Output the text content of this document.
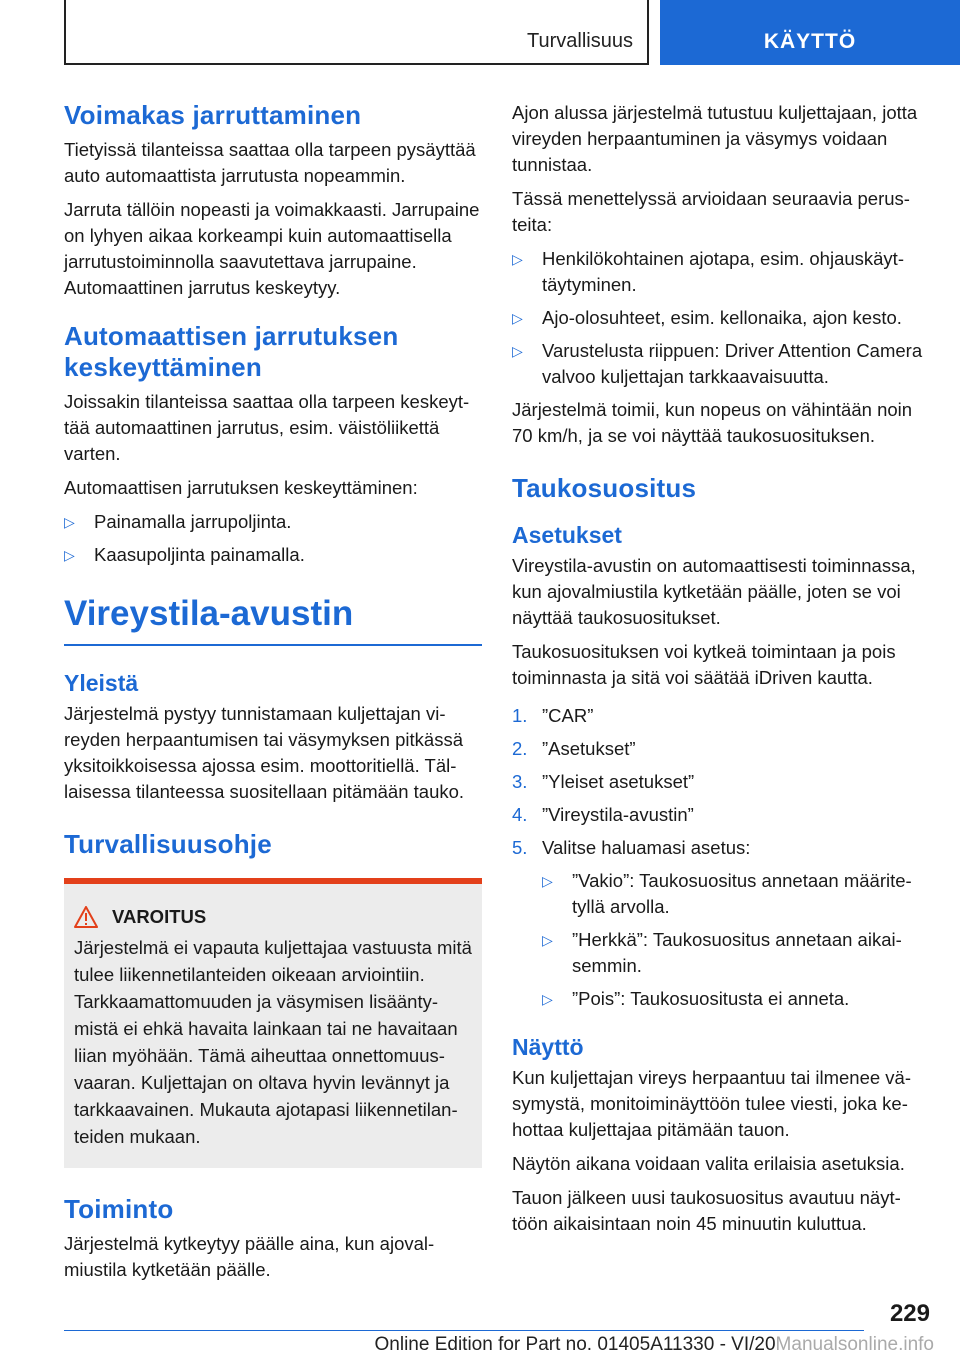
Turvallisuus	KÄYTTÖ
Voimakas jarruttaminen

Tietyissä tilanteissa saattaa olla tarpeen pysäyttää auto automaattista jarrutusta nopeammin.

Jarruta tällöin nopeasti ja voimakkaasti. Jarrupaine on lyhyen aikaa korkeampi kuin automaattisella jarrutustoiminnolla saavutettava jarrupaine. Automaattinen jarrutus keskeytyy.

Automaattisen jarrutuksen keskeyttäminen

Joissakin tilanteissa saattaa olla tarpeen keskeyttää automaattinen jarrutus, esim. väistöliikettä varten.

Automaattisen jarrutuksen keskeyttäminen:

▷ Painamalla jarrupoljinta.
▷ Kaasupoljinta painamalla.
Vireystila-avustin
Yleistä

Järjestelmä pystyy tunnistamaan kuljettajan vireyden herpaantumisen tai väsymyksen pitkässä yksitoikkoisessa ajossa esim. moottoritiellä. Tällaisessa tilanteessa suositellaan pitämään tauko.

Turvallisuusohje
VAROITUS
Järjestelmä ei vapauta kuljettajaa vastuusta mitä tulee liikennetilanteiden oikeaan arviointiin. Tarkkaamattomuuden ja väsymisen lisääntymistä ei ehkä havaita lainkaan tai ne havaitaan liian myöhään. Tämä aiheuttaa onnettomuusvaaran. Kuljettajan on oltava hyvin levännyt ja tarkkaavainen. Mukauta ajotapasi liikennetilanteiden mukaan.
Toiminto

Järjestelmä kytkeytyy päälle aina, kun ajovalmiustila kytketään päälle.

Ajon alussa järjestelmä tutustuu kuljettajaan, jotta vireyden herpaantuminen ja väsymys voidaan tunnistaa.

Tässä menettelyssä arvioidaan seuraavia perusteita:

▷ Henkilökohtainen ajotapa, esim. ohjauskäyttäytyminen.
▷ Ajo-olosuhteet, esim. kellonaika, ajon kesto.
▷ Varustelusta riippuen: Driver Attention Camera valvoo kuljettajan tarkkaavaisuutta.

Järjestelmä toimii, kun nopeus on vähintään noin 70 km/h, ja se voi näyttää taukosuosituksen.

Taukosuositus
Asetukset

Vireystila-avustin on automaattisesti toiminnassa, kun ajovalmiustila kytketään päälle, joten se voi näyttää taukosuositukset.

Taukosuosituksen voi kytkeä toimintaan ja pois toiminnasta ja sitä voi säätää iDriven kautta.

1. ”CAR”
2. ”Asetukset”
3. ”Yleiset asetukset”
4. ”Vireystila-avustin”
5. Valitse haluamasi asetus:
▷ ”Vakio”: Taukosuositus annetaan määritetyllä arvolla.
▷ ”Herkkä”: Taukosuositus annetaan aikaisemmin.
▷ ”Pois”: Taukosuositusta ei anneta.
Näyttö

Kun kuljettajan vireys herpaantuu tai ilmenee väsymystä, monitoiminäyttöön tulee viesti, joka kehottaa kuljettajaa pitämään tauon.

Näytön aikana voidaan valita erilaisia asetuksia.

Tauon jälkeen uusi taukosuositus avautuu näyttöön aikaisintaan noin 45 minuutin kuluttua.

229
Online Edition for Part no. 01405A11330 - VI/20Manualsonline.info
